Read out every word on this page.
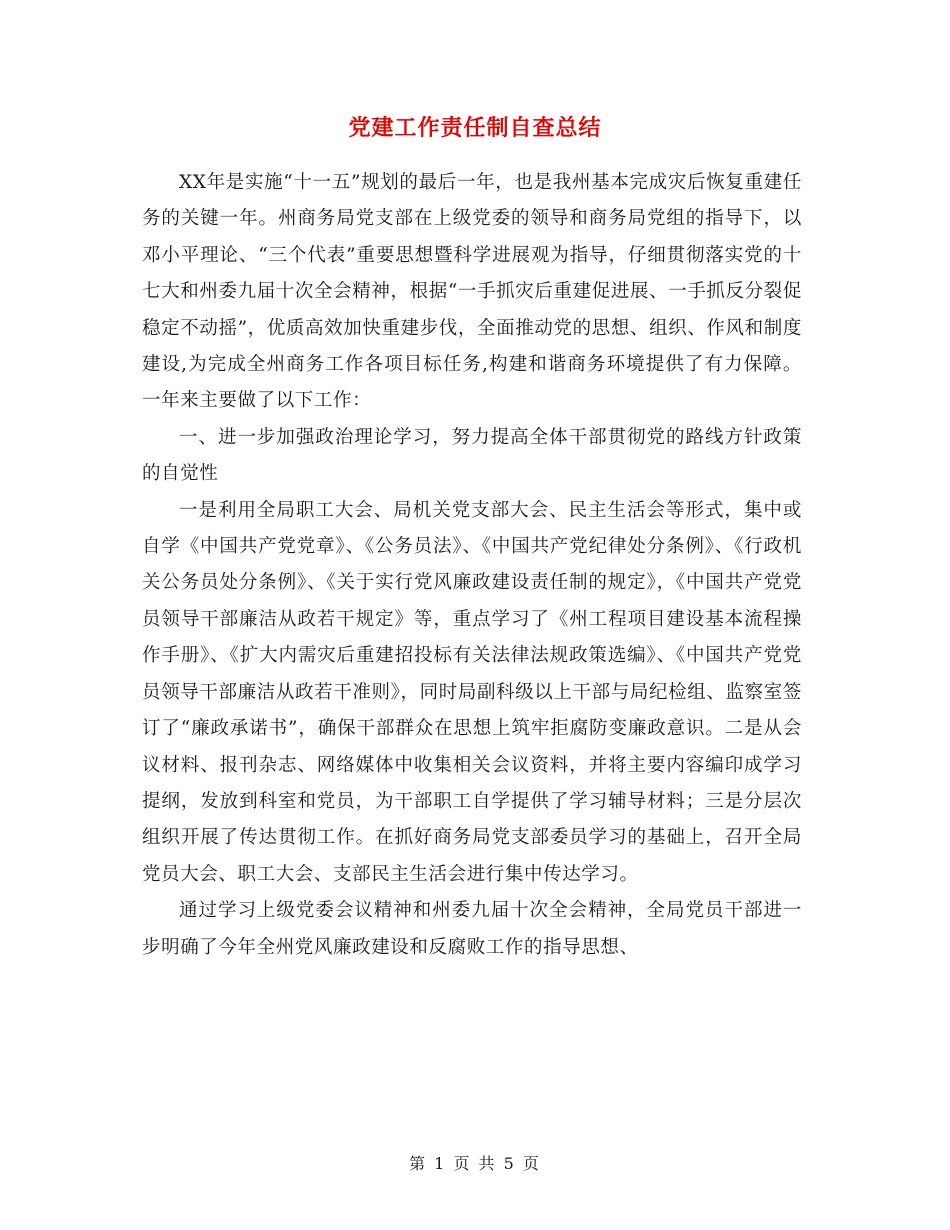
党建工作责任制自查总结

XX年是实施“十一五”规划的最后一年，也是我州基本完成灾后恢复重建任务的关键一年。州商务局党支部在上级党委的领导和商务局党组的指导下，以邓小平理论、“三个代表”重要思想暨科学进展观为指导，仔细贯彻落实党的十七大和州委九届十次全会精神，根据“一手抓灾后重建促进展、一手抓反分裂促稳定不动摇”，优质高效加快重建步伐，全面推动党的思想、组织、作风和制度建设,为完成全州商务工作各项目标任务,构建和谐商务环境提供了有力保障。一年来主要做了以下工作：

一、进一步加强政治理论学习，努力提高全体干部贯彻党的路线方针政策的自觉性

一是利用全局职工大会、局机关党支部大会、民主生活会等形式，集中或自学《中国共产党党章》、《公务员法》、《中国共产党纪律处分条例》、《行政机关公务员处分条例》、《关于实行党风廉政建设责任制的规定》，《中国共产党党员领导干部廉洁从政若干规定》等，重点学习了《州工程项目建设基本流程操作手册》、《扩大内需灾后重建招投标有关法律法规政策选编》、《中国共产党党员领导干部廉洁从政若干准则》，同时局副科级以上干部与局纪检组、监察室签订了“廉政承诺书”，确保干部群众在思想上筑牢拒腐防变廉政意识。二是从会议材料、报刊杂志、网络媒体中收集相关会议资料，并将主要内容编印成学习提纲，发放到科室和党员，为干部职工自学提供了学习辅导材料；三是分层次组织开展了传达贯彻工作。在抓好商务局党支部委员学习的基础上，召开全局党员大会、职工大会、支部民主生活会进行集中传达学习。

通过学习上级党委会议精神和州委九届十次全会精神，全局党员干部进一步明确了今年全州党风廉政建设和反腐败工作的指导思想、

第 1 页 共 5 页
